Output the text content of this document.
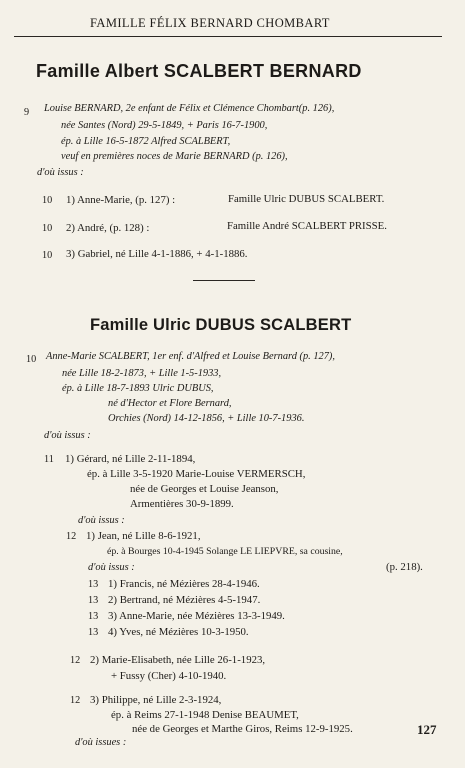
FAMILLE FÉLIX BERNARD CHOMBART
Famille Albert SCALBERT BERNARD
9 Louise BERNARD, 2e enfant de Félix et Clémence Chombart(p. 126),
née Santes (Nord) 29-5-1849, + Paris 16-7-1900,
ép. à Lille 16-5-1872 Alfred SCALBERT,
veuf en premières noces de Marie BERNARD (p. 126),
d'où issus :
10 1) Anne-Marie, (p. 127) :	Famille Ulric DUBUS SCALBERT.
10 2) André, (p. 128) :	Famille André SCALBERT PRISSE.
10 3) Gabriel, né Lille 4-1-1886, + 4-1-1886.
Famille Ulric DUBUS SCALBERT
10 Anne-Marie SCALBERT, 1er enf. d'Alfred et Louise Bernard (p. 127),
née Lille 18-2-1873, + Lille 1-5-1933,
ép. à Lille 18-7-1893 Ulric DUBUS,
né d'Hector et Flore Bernard,
Orchies (Nord) 14-12-1856, + Lille 10-7-1936.
d'où issus :
11 1) Gérard, né Lille 2-11-1894,
ép. à Lille 3-5-1920 Marie-Louise VERMERSCH,
née de Georges et Louise Jeanson,
Armentières 30-9-1899.
d'où issus :
12 1) Jean, né Lille 8-6-1921,
ép. à Bourges 10-4-1945 Solange LE LIEPVRE, sa cousine,
d'où issus :	(p. 218).
13 1) Francis, né Mézières 28-4-1946.
13 2) Bertrand, né Mézières 4-5-1947.
13 3) Anne-Marie, née Mézières 13-3-1949.
13 4) Yves, né Mézières 10-3-1950.
12 2) Marie-Elisabeth, née Lille 26-1-1923,
+ Fussy (Cher) 4-10-1940.
12 3) Philippe, né Lille 2-3-1924,
ép. à Reims 27-1-1948 Denise BEAUMET,
née de Georges et Marthe Giros, Reims 12-9-1925.
d'où issues :
127
